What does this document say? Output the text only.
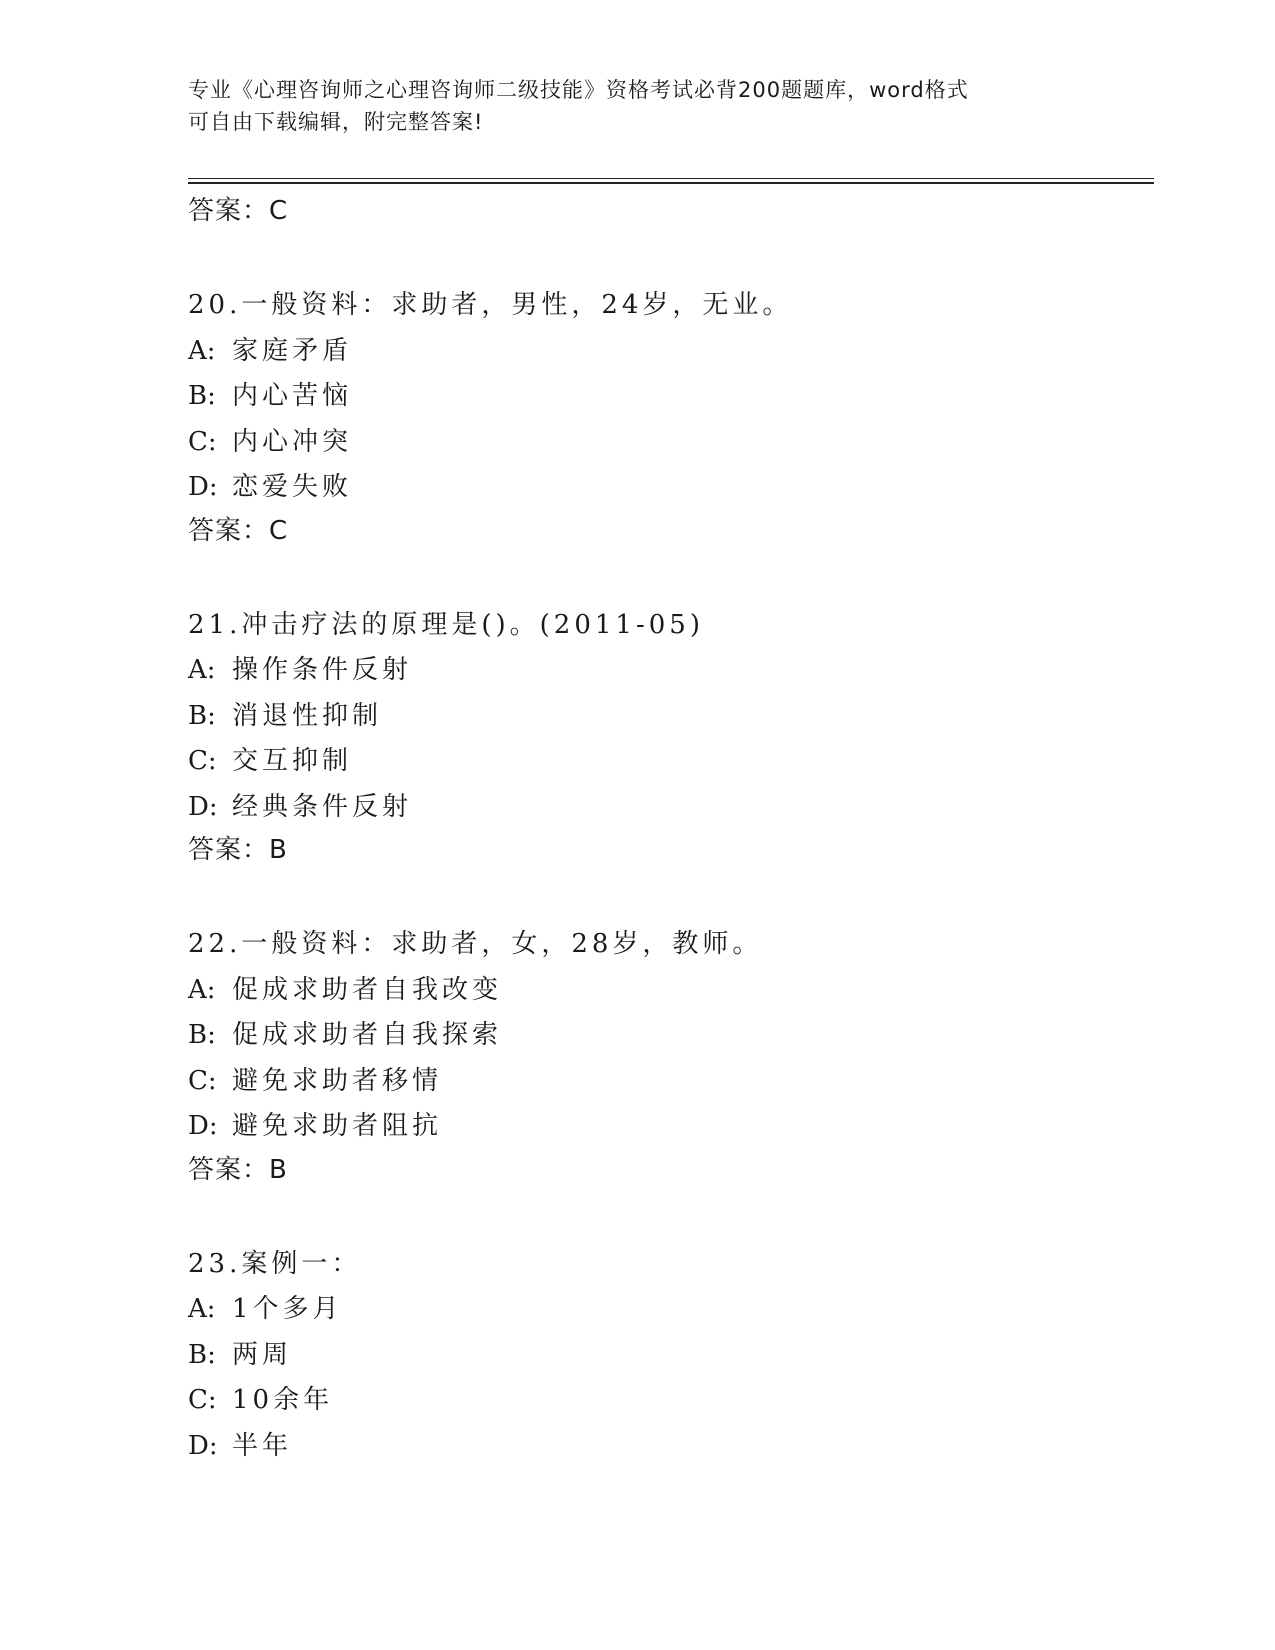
专业《心理咨询师之心理咨询师二级技能》资格考试必背200题题库，word格式
可自由下载编辑，附完整答案!
答案：C
20.一般资料：求助者，男性，24岁，无业。
A: 家庭矛盾
B: 内心苦恼
C: 内心冲突
D: 恋爱失败
答案：C
21.冲击疗法的原理是()。(2011-05)
A: 操作条件反射
B: 消退性抑制
C: 交互抑制
D: 经典条件反射
答案：B
22.一般资料：求助者，女，28岁，教师。
A: 促成求助者自我改变
B: 促成求助者自我探索
C: 避免求助者移情
D: 避免求助者阻抗
答案：B
23.案例一：
A: 1个多月
B: 两周
C: 10余年
D: 半年
